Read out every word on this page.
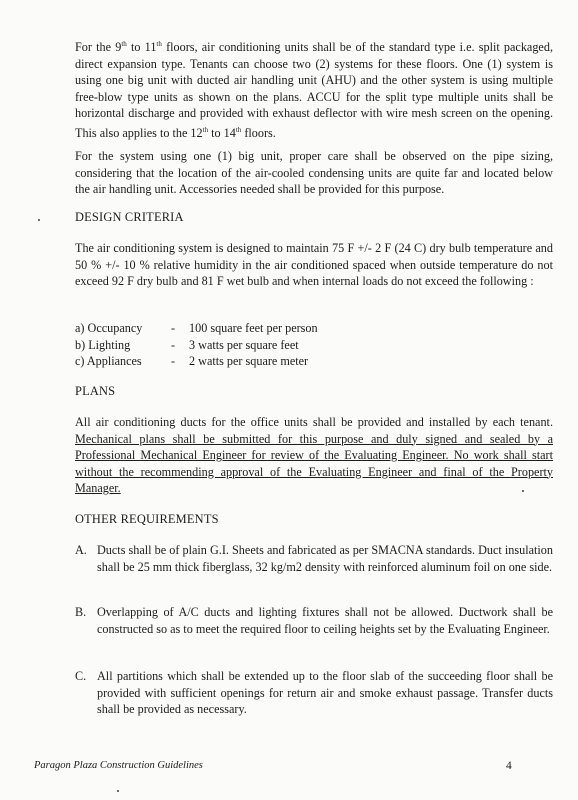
For the 9th to 11th floors, air conditioning units shall be of the standard type i.e. split packaged, direct expansion type. Tenants can choose two (2) systems for these floors. One (1) system is using one big unit with ducted air handling unit (AHU) and the other system is using multiple free-blow type units as shown on the plans. ACCU for the split type multiple units shall be horizontal discharge and provided with exhaust deflector with wire mesh screen on the opening. This also applies to the 12th to 14th floors.
For the system using one (1) big unit, proper care shall be observed on the pipe sizing, considering that the location of the air-cooled condensing units are quite far and located below the air handling unit. Accessories needed shall be provided for this purpose.
DESIGN CRITERIA
The air conditioning system is designed to maintain 75 F +/- 2 F (24 C) dry bulb temperature and 50 % +/- 10 % relative humidity in the air conditioned spaced when outside temperature do not exceed 92 F dry bulb and 81 F wet bulb and when internal loads do not exceed the following :
a) Occupancy	-	100 square feet per person
b) Lighting	-	3 watts per square feet
c) Appliances	-	2 watts per square meter
PLANS
All air conditioning ducts for the office units shall be provided and installed by each tenant. Mechanical plans shall be submitted for this purpose and duly signed and sealed by a Professional Mechanical Engineer for review of the Evaluating Engineer. No work shall start without the recommending approval of the Evaluating Engineer and final of the Property Manager.
OTHER REQUIREMENTS
A. Ducts shall be of plain G.I. Sheets and fabricated as per SMACNA standards. Duct insulation shall be 25 mm thick fiberglass, 32 kg/m2 density with reinforced aluminum foil on one side.
B. Overlapping of A/C ducts and lighting fixtures shall not be allowed. Ductwork shall be constructed so as to meet the required floor to ceiling heights set by the Evaluating Engineer.
C. All partitions which shall be extended up to the floor slab of the succeeding floor shall be provided with sufficient openings for return air and smoke exhaust passage. Transfer ducts shall be provided as necessary.
Paragon Plaza Construction Guidelines	4
